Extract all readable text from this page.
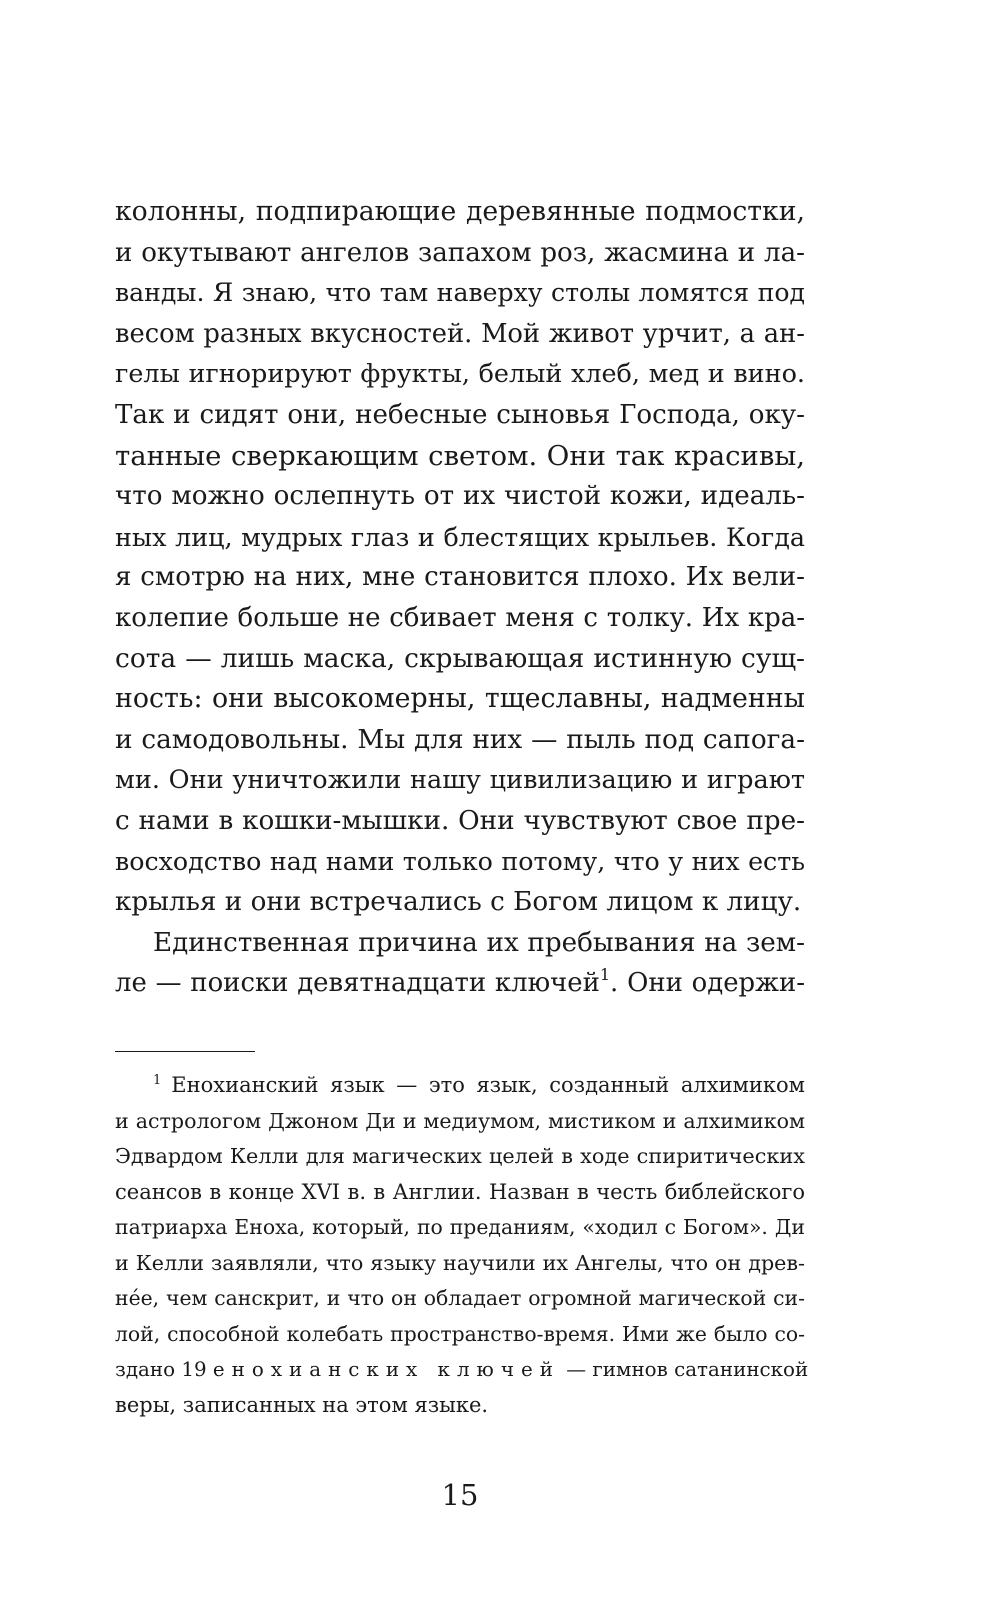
колонны, подпирающие деревянные подмостки,
и окутывают ангелов запахом роз, жасмина и ла-
ванды. Я знаю, что там наверху столы ломятся под
весом разных вкусностей. Мой живот урчит, а ан-
гелы игнорируют фрукты, белый хлеб, мед и вино.
Так и сидят они, небесные сыновья Господа, оку-
танные сверкающим светом. Они так красивы,
что можно ослепнуть от их чистой кожи, идеаль-
ных лиц, мудрых глаз и блестящих крыльев. Когда
я смотрю на них, мне становится плохо. Их вели-
колепие больше не сбивает меня с толку. Их кра-
сота — лишь маска, скрывающая истинную сущ-
ность: они высокомерны, тщеславны, надменны
и самодовольны. Мы для них — пыль под сапога-
ми. Они уничтожили нашу цивилизацию и играют
с нами в кошки-мышки. Они чувствуют свое пре-
восходство над нами только потому, что у них есть
крылья и они встречались с Богом лицом к лицу.
Единственная причина их пребывания на зем-
ле — поиски девятнадцати ключей$^1$. Они одержи-
$^1$ Енохианский язык — это язык, созданный алхимиком
и астрологом Джоном Ди и медиумом, мистиком и алхимиком
Эдвардом Келли для магических целей в ходе спиритических
сеансов в конце XVI в. в Англии. Назван в честь библейского
патриарха Еноха, который, по преданиям, «ходил с Богом». Ди
и Келли заявляли, что языку научили их Ангелы, что он древ-
нée, чем санскрит, и что он обладает огромной магической си-
лой, способной колебать пространство-время. Ими же было со-
здано 19 енохианских ключей — гимнов сатанинской
веры, записанных на этом языке.
15
